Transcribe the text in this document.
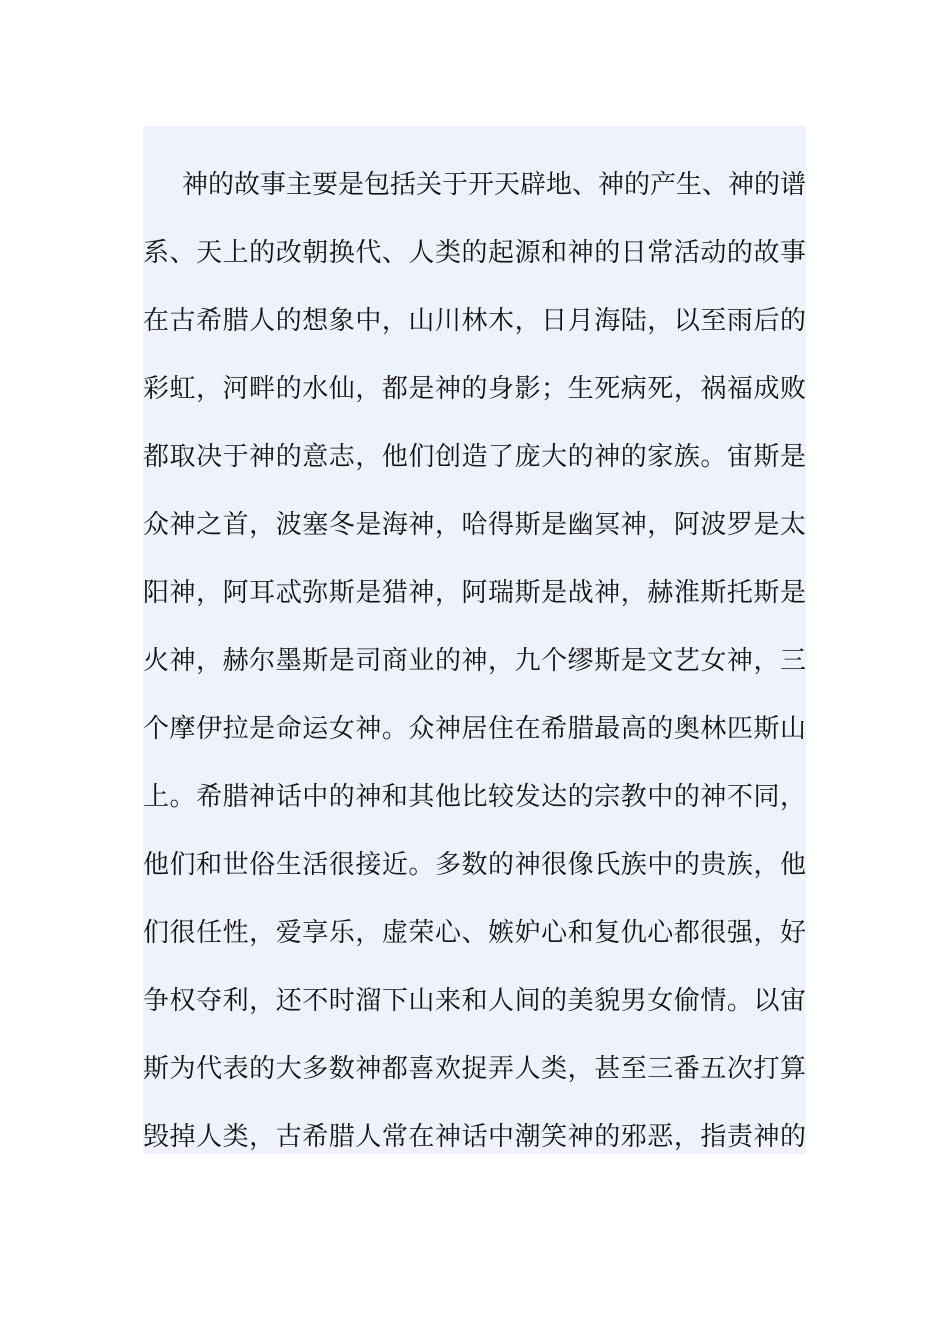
神的故事主要是包括关于开天辟地、神的产生、神的谱
系、天上的改朝换代、人类的起源和神的日常活动的故事
在古希腊人的想象中，山川林木，日月海陆，以至雨后的
彩虹，河畔的水仙，都是神的身影；生死病死，祸福成败
都取决于神的意志，他们创造了庞大的神的家族。宙斯是
众神之首，波塞冬是海神，哈得斯是幽冥神，阿波罗是太
阳神，阿耳忒弥斯是猎神，阿瑞斯是战神，赫淮斯托斯是
火神，赫尔墨斯是司商业的神，九个缪斯是文艺女神，三
个摩伊拉是命运女神。众神居住在希腊最高的奥林匹斯山
上。希腊神话中的神和其他比较发达的宗教中的神不同，
他们和世俗生活很接近。多数的神很像氏族中的贵族，他
们很任性，爱享乐，虚荣心、嫉妒心和复仇心都很强，好
争权夺利，还不时溜下山来和人间的美貌男女偷情。以宙
斯为代表的大多数神都喜欢捉弄人类，甚至三番五次打算
毁掉人类，古希腊人常在神话中潮笑神的邪恶，指责神的
